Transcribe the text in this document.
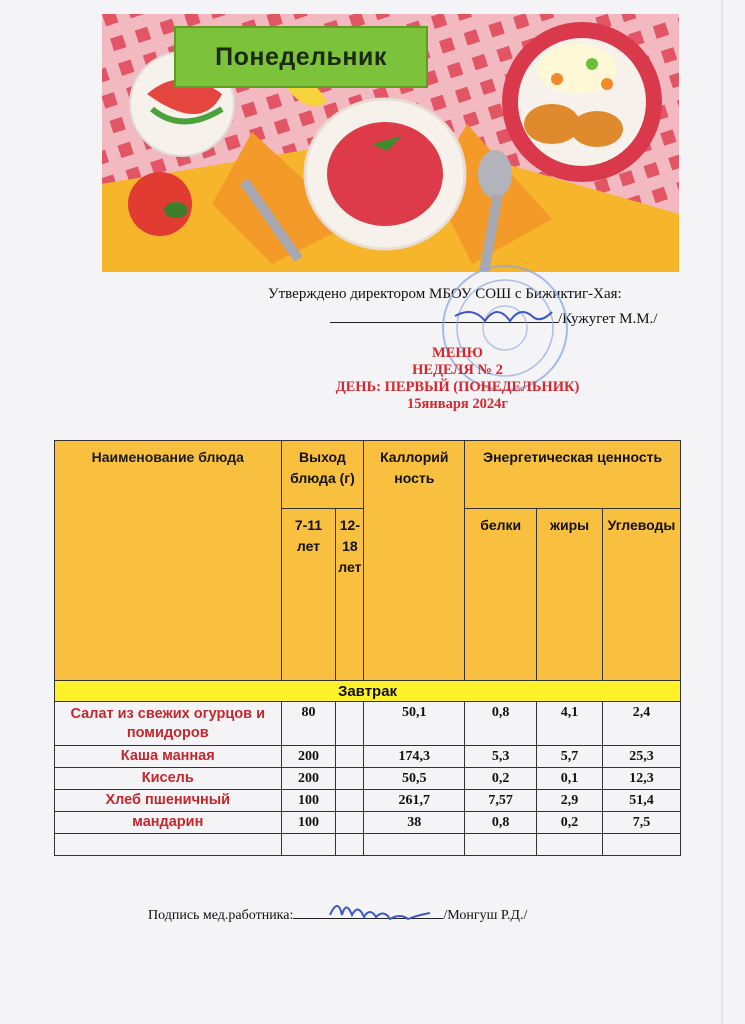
Понедельник
Утверждено директором МБОУ СОШ с Бижиктиг-Хая:
/Кужугет М.М./
МЕНЮ
НЕДЕЛЯ № 2
ДЕНЬ: ПЕРВЫЙ (ПОНЕДЕЛЬНИК)
15января 2024г
Наименование блюда	Выход блюда (г)		Каллорий ность	Энергетическая ценность		
	7-11 лет	12-18 лет		белки	жиры	Углеводы
Завтрак						
Салат из свежих огурцов и помидоров	80		50,1	0,8	4,1	2,4
Каша манная	200		174,3	5,3	5,7	25,3
Кисель	200		50,5	0,2	0,1	12,3
Хлеб пшеничный	100		261,7	7,57	2,9	51,4
мандарин	100		38	0,8	0,2	7,5

Подпись мед.работника:	/Монгуш Р.Д./
